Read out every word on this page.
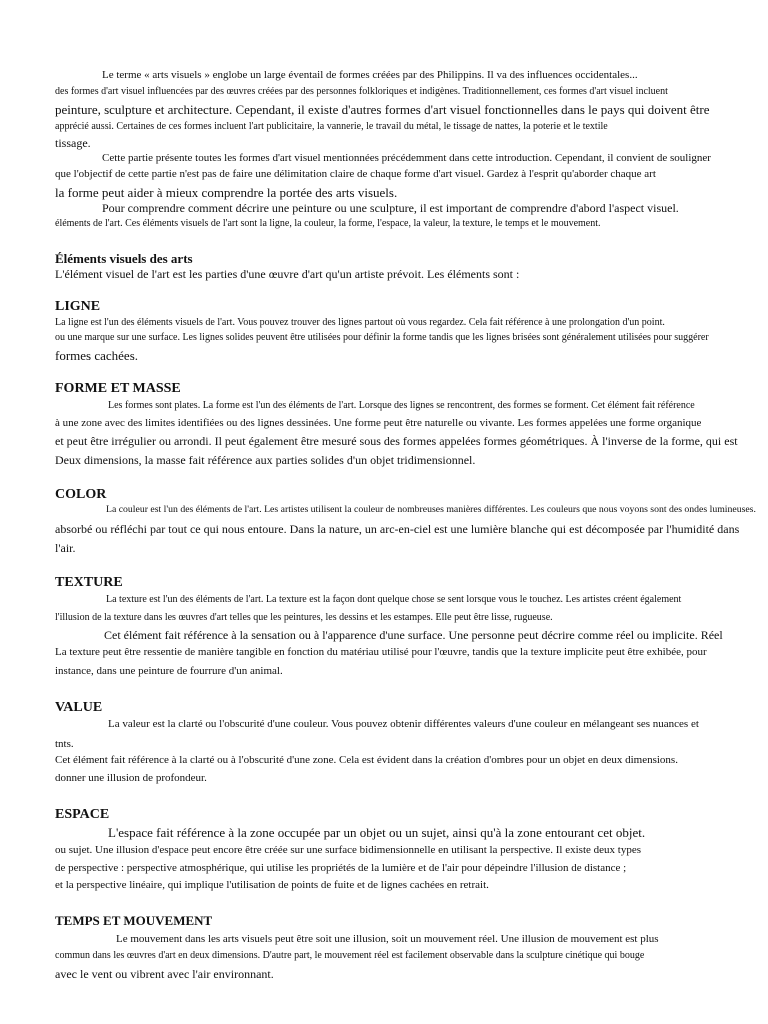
Le terme « arts visuels » englobe un large éventail de formes créées par des Philippins. Il va des influences occidentales...
des formes d'art visuel influencées par des œuvres créées par des personnes folkloriques et indigènes. Traditionnellement, ces formes d'art visuel incluent
peinture, sculpture et architecture. Cependant, il existe d'autres formes d'art visuel fonctionnelles dans le pays qui doivent être
apprécié aussi. Certaines de ces formes incluent l'art publicitaire, la vannerie, le travail du métal, le tissage de nattes, la poterie et le textile
tissage.
Cette partie présente toutes les formes d'art visuel mentionnées précédemment dans cette introduction. Cependant, il convient de souligner
que l'objectif de cette partie n'est pas de faire une délimitation claire de chaque forme d'art visuel. Gardez à l'esprit qu'aborder chaque art
la forme peut aider à mieux comprendre la portée des arts visuels.
Pour comprendre comment décrire une peinture ou une sculpture, il est important de comprendre d'abord l'aspect visuel.
éléments de l'art. Ces éléments visuels de l'art sont la ligne, la couleur, la forme, l'espace, la valeur, la texture, le temps et le mouvement.
Éléments visuels des arts
L'élément visuel de l'art est les parties d'une œuvre d'art qu'un artiste prévoit. Les éléments sont :
LIGNE
La ligne est l'un des éléments visuels de l'art. Vous pouvez trouver des lignes partout où vous regardez. Cela fait référence à une prolongation d'un point.
ou une marque sur une surface. Les lignes solides peuvent être utilisées pour définir la forme tandis que les lignes brisées sont généralement utilisées pour suggérer
formes cachées.
FORME ET MASSE
Les formes sont plates. La forme est l'un des éléments de l'art. Lorsque des lignes se rencontrent, des formes se forment. Cet élément fait référence
à une zone avec des limites identifiées ou des lignes dessinées. Une forme peut être naturelle ou vivante. Les formes appelées une forme organique
et peut être irrégulier ou arrondi. Il peut également être mesuré sous des formes appelées formes géométriques. À l'inverse de la forme, qui est
Deux dimensions, la masse fait référence aux parties solides d'un objet tridimensionnel.
COLOR
La couleur est l'un des éléments de l'art. Les artistes utilisent la couleur de nombreuses manières différentes. Les couleurs que nous voyons sont des ondes lumineuses.
absorbé ou réfléchi par tout ce qui nous entoure. Dans la nature, un arc-en-ciel est une lumière blanche qui est décomposée par l'humidité dans
l'air.
TEXTURE
La texture est l'un des éléments de l'art. La texture est la façon dont quelque chose se sent lorsque vous le touchez. Les artistes créent également
l'illusion de la texture dans les œuvres d'art telles que les peintures, les dessins et les estampes. Elle peut être lisse, rugueuse.
Cet élément fait référence à la sensation ou à l'apparence d'une surface. Une personne peut décrire comme réel ou implicite. Réel
La texture peut être ressentie de manière tangible en fonction du matériau utilisé pour l'œuvre, tandis que la texture implicite peut être exhibée, pour
instance, dans une peinture de fourrure d'un animal.
VALUE
La valeur est la clarté ou l'obscurité d'une couleur. Vous pouvez obtenir différentes valeurs d'une couleur en mélangeant ses nuances et
tnts.
Cet élément fait référence à la clarté ou à l'obscurité d'une zone. Cela est évident dans la création d'ombres pour un objet en deux dimensions.
donner une illusion de profondeur.
ESPACE
L'espace fait référence à la zone occupée par un objet ou un sujet, ainsi qu'à la zone entourant cet objet.
ou sujet. Une illusion d'espace peut encore être créée sur une surface bidimensionnelle en utilisant la perspective. Il existe deux types
de perspective : perspective atmosphérique, qui utilise les propriétés de la lumière et de l'air pour dépeindre l'illusion de distance ;
et la perspective linéaire, qui implique l'utilisation de points de fuite et de lignes cachées en retrait.
TEMPS ET MOUVEMENT
Le mouvement dans les arts visuels peut être soit une illusion, soit un mouvement réel. Une illusion de mouvement est plus
commun dans les œuvres d'art en deux dimensions. D'autre part, le mouvement réel est facilement observable dans la sculpture cinétique qui bouge
avec le vent ou vibrent avec l'air environnant.
